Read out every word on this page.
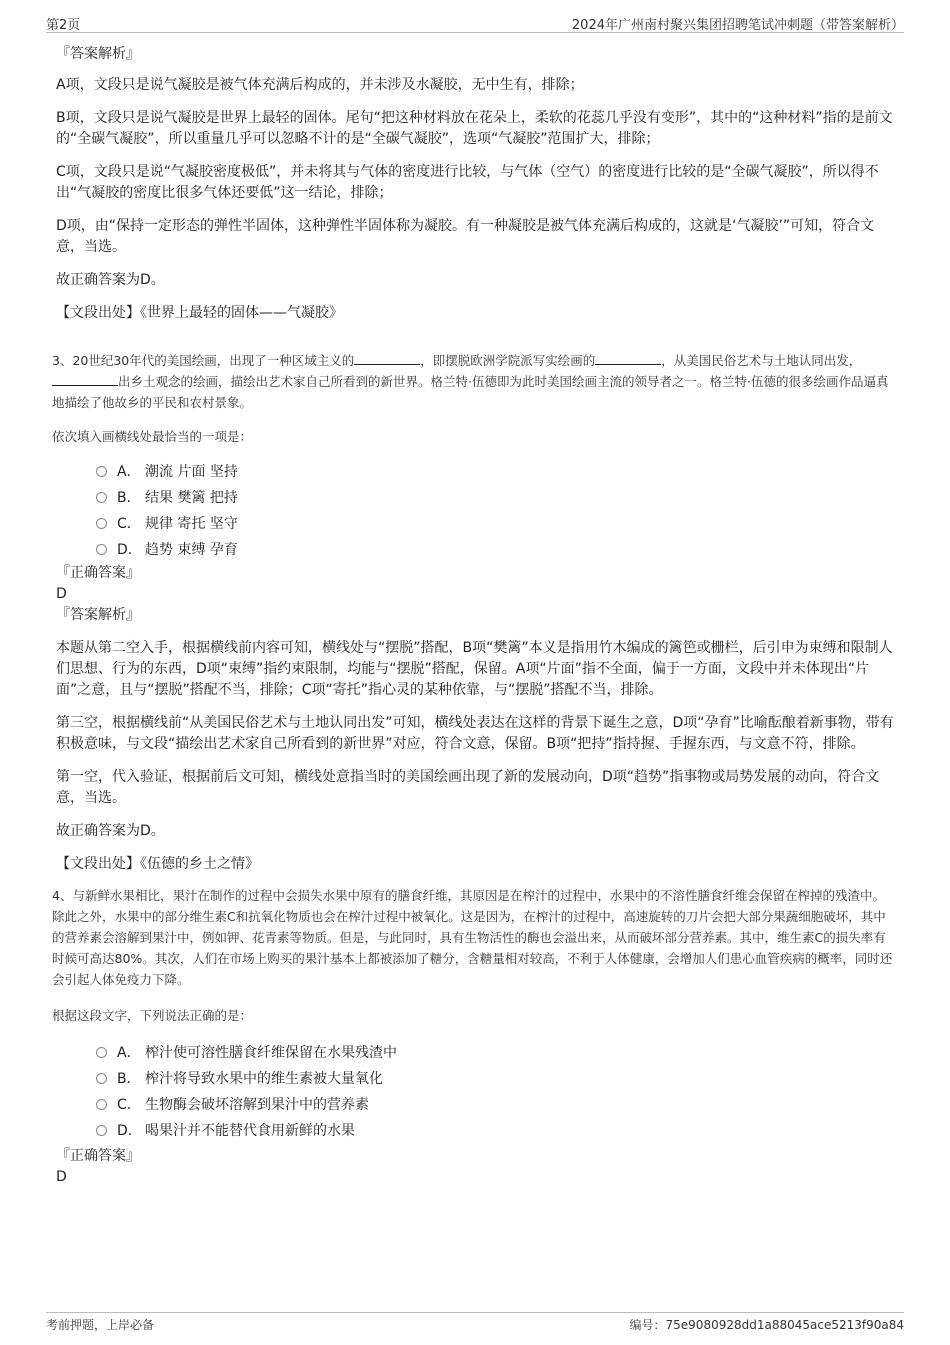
第2页	2024年广州南村聚兴集团招聘笔试冲刺题（带答案解析）

『答案解析』

A项，文段只是说气凝胶是被气体充满后构成的，并未涉及水凝胶，无中生有，排除；

B项，文段只是说气凝胶是世界上最轻的固体。尾句“把这种材料放在花朵上，柔软的花蕊几乎没有变形”，其中的“这种材料”指的是前文的“全碳气凝胶”，所以重量几乎可以忽略不计的是“全碳气凝胶”，选项“气凝胶”范围扩大，排除；

C项，文段只是说“气凝胶密度极低”，并未将其与气体的密度进行比较，与气体（空气）的密度进行比较的是“全碳气凝胶”，所以得不出“气凝胶的密度比很多气体还要低”这一结论，排除；

D项，由“保持一定形态的弹性半固体，这种弹性半固体称为凝胶。有一种凝胶是被气体充满后构成的，这就是‘气凝胶’”可知，符合文意，当选。

故正确答案为D。

【文段出处】《世界上最轻的固体——气凝胶》

3、20世纪30年代的美国绘画，出现了一种区域主义的	，即摆脱欧洲学院派写实绘画的	，从美国民俗艺术与土地认同出发，出乡土观念的绘画，描绘出艺术家自己所看到的新世界。格兰特·伍德即为此时美国绘画主流的领导者之一。格兰特·伍德的很多绘画作品逼真地描绘了他故乡的平民和农村景象。

依次填入画横线处最恰当的一项是：

A． 潮流 片面 坚持
B． 结果 樊篱 把持
C． 规律 寄托 坚守
D． 趋势 束缚 孕育

『正确答案』

D

『答案解析』

本题从第二空入手，根据横线前内容可知，横线处与“摆脱”搭配，B项“樊篱”本义是指用竹木编成的篱笆或栅栏，后引申为束缚和限制人们思想、行为的东西，D项“束缚”指约束限制，均能与“摆脱”搭配，保留。A项“片面”指不全面，偏于一方面，文段中并未体现出“片面”之意，且与“摆脱”搭配不当，排除；C项“寄托”指心灵的某种依靠，与“摆脱”搭配不当，排除。

第三空，根据横线前“从美国民俗艺术与土地认同出发”可知，横线处表达在这样的背景下诞生之意，D项“孕育”比喻酝酿着新事物，带有积极意味，与文段“描绘出艺术家自己所看到的新世界”对应，符合文意，保留。B项“把持”指持握、手握东西，与文意不符，排除。

第一空，代入验证，根据前后文可知，横线处意指当时的美国绘画出现了新的发展动向，D项“趋势”指事物或局势发展的动向，符合文意，当选。

故正确答案为D。

【文段出处】《伍德的乡土之情》

4、与新鲜水果相比，果汁在制作的过程中会损失水果中原有的膳食纤维，其原因是在榨汁的过程中，水果中的不溶性膳食纤维会保留在榨掉的残渣中。除此之外，水果中的部分维生素C和抗氧化物质也会在榨汁过程中被氧化。这是因为，在榨汁的过程中，高速旋转的刀片会把大部分果蔬细胞破坏，其中的营养素会溶解到果汁中，例如钾、花青素等物质。但是，与此同时，具有生物活性的酶也会溢出来，从而破坏部分营养素。其中，维生素C的损失率有时候可高达80%。其次，人们在市场上购买的果汁基本上都被添加了糖分，含糖量相对较高，不利于人体健康，会增加人们患心血管疾病的概率，同时还会引起人体免疫力下降。

根据这段文字，下列说法正确的是：

A． 榨汁使可溶性膳食纤维保留在水果残渣中
B． 榨汁将导致水果中的维生素被大量氧化
C． 生物酶会破坏溶解到果汁中的营养素
D． 喝果汁并不能替代食用新鲜的水果

『正确答案』

D

考前押题，上岸必备	编号：75e9080928dd1a88045ace5213f90a84
